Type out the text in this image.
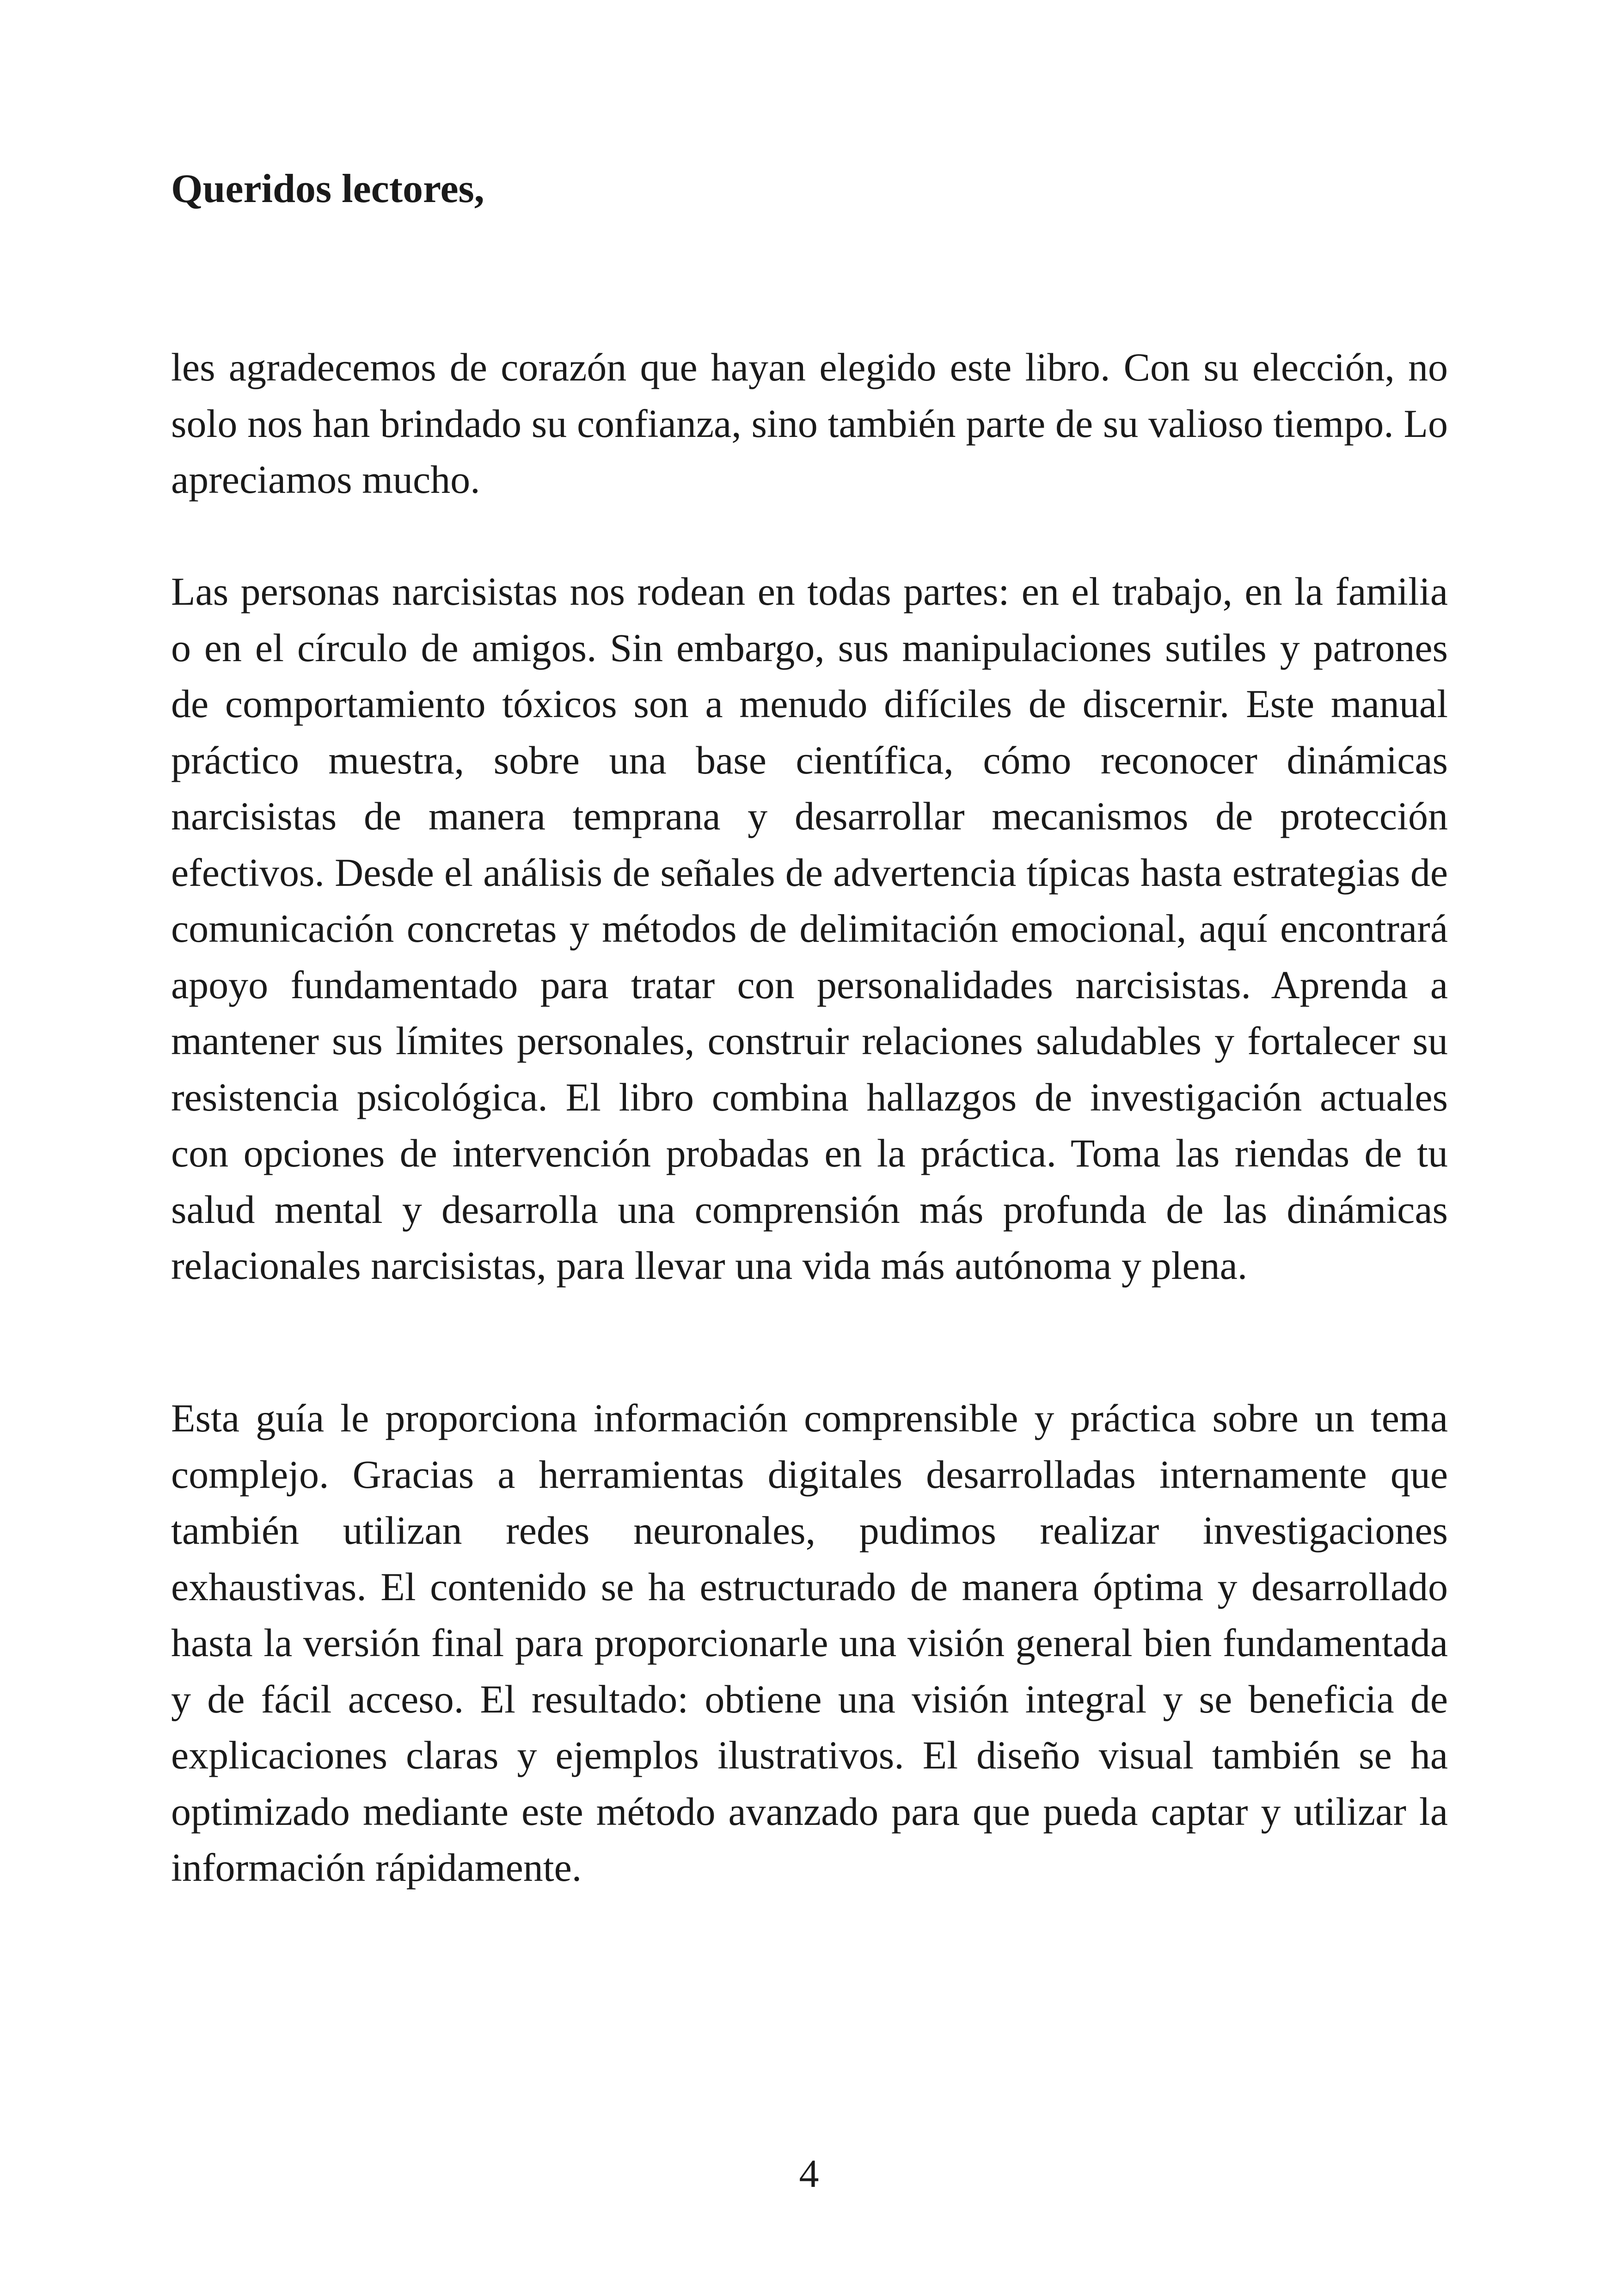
Queridos lectores,

les agradecemos de corazón que hayan elegido este libro. Con su elección, no solo nos han brindado su confianza, sino también parte de su valioso tiempo. Lo apreciamos mucho.

Las personas narcisistas nos rodean en todas partes: en el trabajo, en la familia o en el círculo de amigos. Sin embargo, sus manipulaciones sutiles y patrones de comportamiento tóxicos son a menudo difíciles de discernir. Este manual práctico muestra, sobre una base científica, cómo reconocer dinámicas narcisistas de manera temprana y desarrollar mecanismos de protección efectivos. Desde el análisis de señales de advertencia típicas hasta estrategias de comunicación concretas y métodos de delimitación emocional, aquí encontrará apoyo fundamentado para tratar con personalidades narcisistas. Aprenda a mantener sus límites personales, construir relaciones saludables y fortalecer su resistencia psicológica. El libro combina hallazgos de investigación actuales con opciones de intervención probadas en la práctica. Toma las riendas de tu salud mental y desarrolla una comprensión más profunda de las dinámicas relacionales narcisistas, para llevar una vida más autónoma y plena.

Esta guía le proporciona información comprensible y práctica sobre un tema complejo. Gracias a herramientas digitales desarrolladas internamente que también utilizan redes neuronales, pudimos realizar investigaciones exhaustivas. El contenido se ha estructurado de manera óptima y desarrollado hasta la versión final para proporcionarle una visión general bien fundamentada y de fácil acceso. El resultado: obtiene una visión integral y se beneficia de explicaciones claras y ejemplos ilustrativos. El diseño visual también se ha optimizado mediante este método avanzado para que pueda captar y utilizar la información rápidamente.

4
